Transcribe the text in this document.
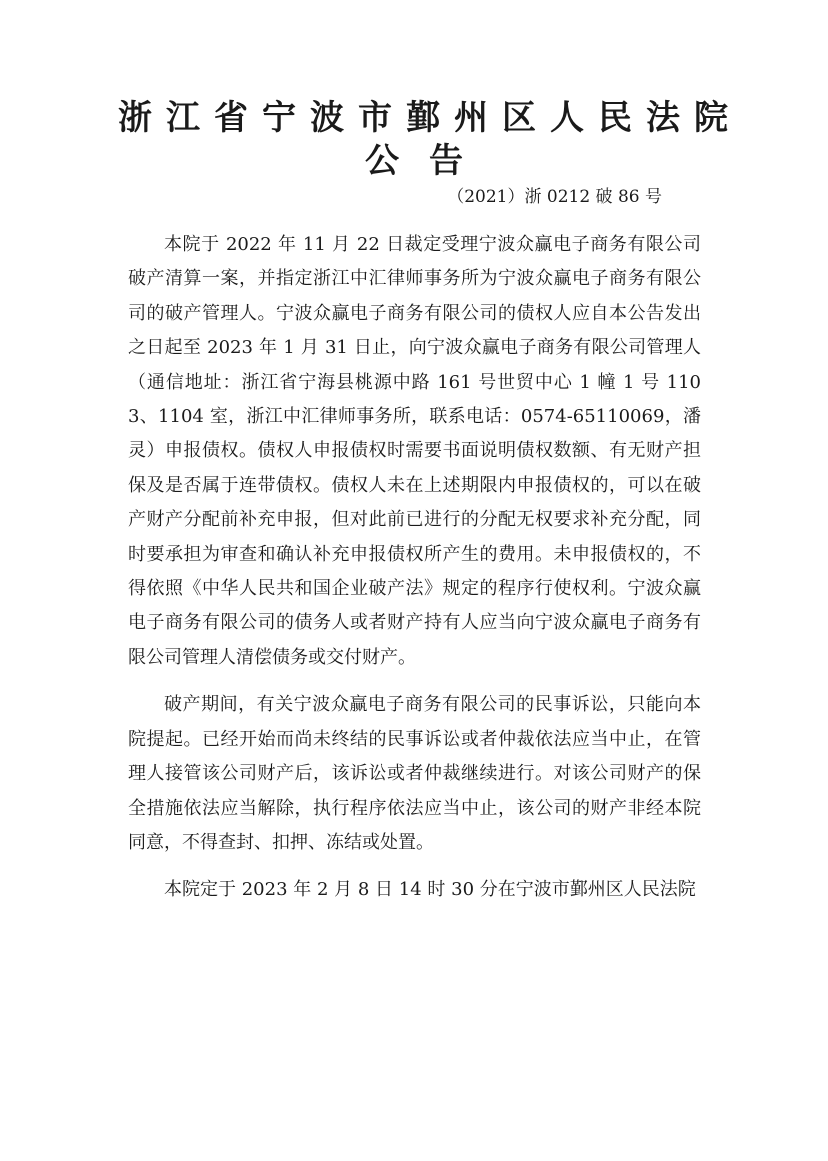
浙江省宁波市鄞州区人民法院
公告
（2021）浙 0212 破 86 号

本院于 2022 年 11 月 22 日裁定受理宁波众赢电子商务有限公司破产清算一案，并指定浙江中汇律师事务所为宁波众赢电子商务有限公司的破产管理人。宁波众赢电子商务有限公司的债权人应自本公告发出之日起至 2023 年 1 月 31 日止，向宁波众赢电子商务有限公司管理人（通信地址：浙江省宁海县桃源中路 161 号世贸中心 1 幢 1 号 1103、1104 室，浙江中汇律师事务所，联系电话：0574-65110069，潘灵）申报债权。债权人申报债权时需要书面说明债权数额、有无财产担保及是否属于连带债权。债权人未在上述期限内申报债权的，可以在破产财产分配前补充申报，但对此前已进行的分配无权要求补充分配，同时要承担为审查和确认补充申报债权所产生的费用。未申报债权的，不得依照《中华人民共和国企业破产法》规定的程序行使权利。宁波众赢电子商务有限公司的债务人或者财产持有人应当向宁波众赢电子商务有限公司管理人清偿债务或交付财产。

破产期间，有关宁波众赢电子商务有限公司的民事诉讼，只能向本院提起。已经开始而尚未终结的民事诉讼或者仲裁依法应当中止，在管理人接管该公司财产后，该诉讼或者仲裁继续进行。对该公司财产的保全措施依法应当解除，执行程序依法应当中止，该公司的财产非经本院同意，不得查封、扣押、冻结或处置。

本院定于 2023 年 2 月 8 日 14 时 30 分在宁波市鄞州区人民法院
